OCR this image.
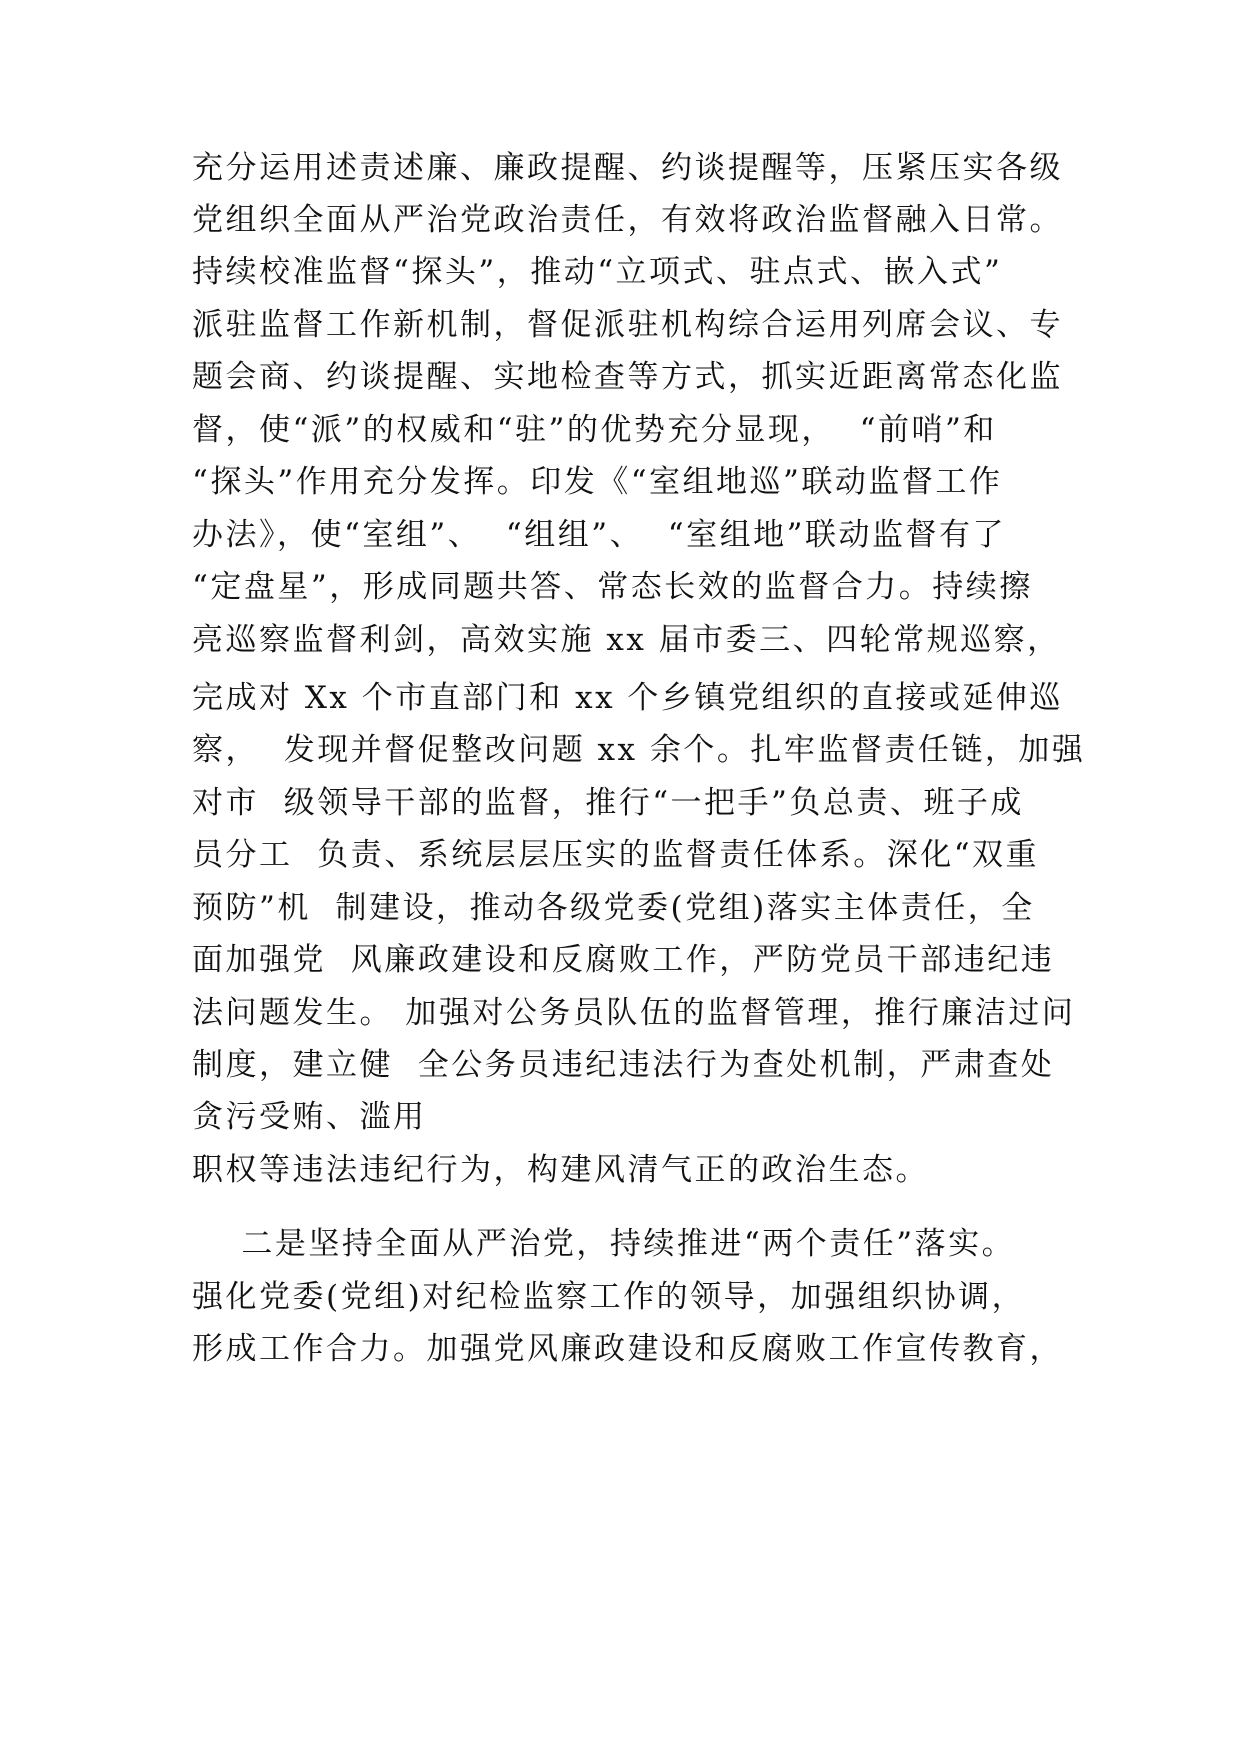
充分运用述责述廉、廉政提醒、约谈提醒等，压紧压实各级
党组织全面从严治党政治责任，有效将政治监督融入日常。
持续校准监督“探头”，推动“立项式、驻点式、嵌入式”
派驻监督工作新机制，督促派驻机构综合运用列席会议、专
题会商、约谈提醒、实地检查等方式，抓实近距离常态化监
督，使“派”的权威和“驻”的优势充分显现，  “前哨”和
“探头”作用充分发挥。印发《“室组地巡”联动监督工作
办法》，使“室组”、  “组组”、  “室组地”联动监督有了
“定盘星”，形成同题共答、常态长效的监督合力。持续擦
亮巡察监督利剑，高效实施 xx 届市委三、四轮常规巡察，
完成对 Xx 个市直部门和 xx 个乡镇党组织的直接或延伸巡
察，  发现并督促整改问题 xx 余个。扎牢监督责任链，加强
对市  级领导干部的监督，推行“一把手”负总责、班子成
员分工  负责、系统层层压实的监督责任体系。深化“双重
预防”机  制建设，推动各级党委(党组)落实主体责任，全
面加强党  风廉政建设和反腐败工作，严防党员干部违纪违
法问题发生。 加强对公务员队伍的监督管理，推行廉洁过问
制度，建立健  全公务员违纪违法行为查处机制，严肃查处
贪污受贿、滥用
职权等违法违纪行为，构建风清气正的政治生态。
二是坚持全面从严治党，持续推进“两个责任”落实。
强化党委(党组)对纪检监察工作的领导，加强组织协调，
形成工作合力。加强党风廉政建设和反腐败工作宣传教育，
